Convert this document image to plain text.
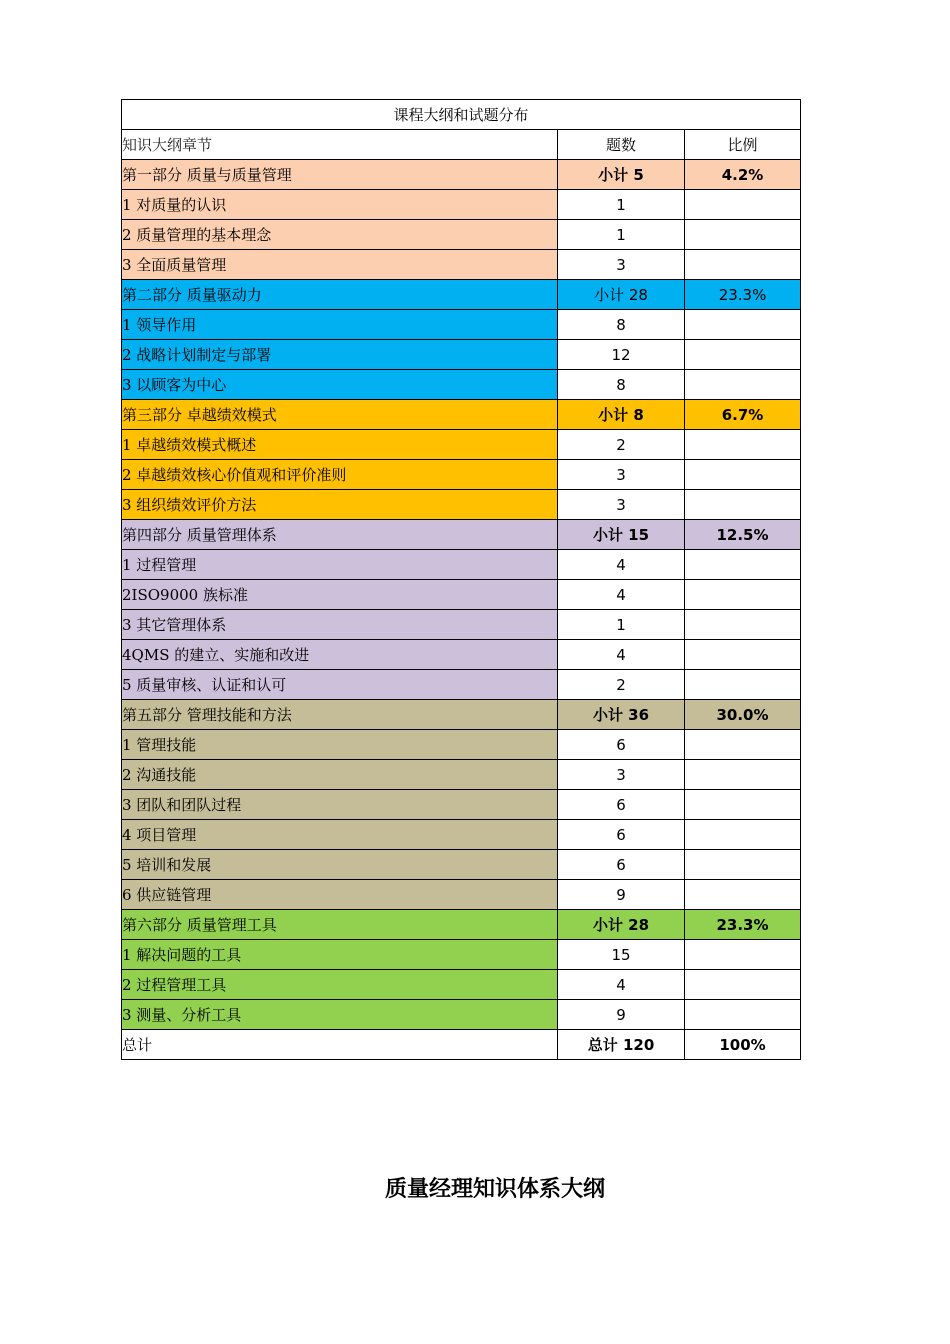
课程大纲和试题分布		
知识大纲章节	题数	比例
第一部分 质量与质量管理	小计 5	4.2%
1 对质量的认识	1	
2 质量管理的基本理念	1	
3 全面质量管理	3	
第二部分 质量驱动力	小计 28	23.3%
1 领导作用	8	
2 战略计划制定与部署	12	
3 以顾客为中心	8	
第三部分 卓越绩效模式	小计 8	6.7%
1 卓越绩效模式概述	2	
2 卓越绩效核心价值观和评价准则	3	
3 组织绩效评价方法	3	
第四部分 质量管理体系	小计 15	12.5%
1 过程管理	4	
2ISO9000 族标准	4	
3 其它管理体系	1	
4QMS 的建立、实施和改进	4	
5 质量审核、认证和认可	2	
第五部分 管理技能和方法	小计 36	30.0%
1 管理技能	6	
2 沟通技能	3	
3 团队和团队过程	6	
4 项目管理	6	
5 培训和发展	6	
6 供应链管理	9	
第六部分 质量管理工具	小计 28	23.3%
1 解决问题的工具	15	
2 过程管理工具	4	
3 测量、分析工具	9	
总计	总计 120	100%
质量经理知识体系大纲
